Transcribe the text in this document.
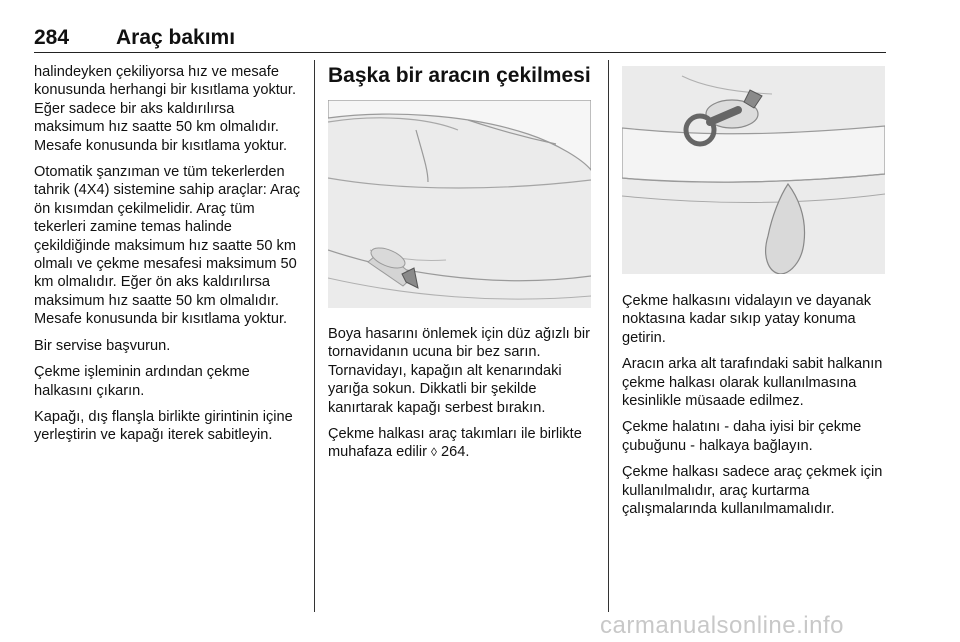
284 Araç bakımı

halindeyken çekiliyorsa hız ve mesafe konusunda herhangi bir kısıtlama yoktur. Eğer sadece bir aks kaldırılırsa maksimum hız saatte 50 km olmalıdır. Mesafe konusunda bir kısıtlama yoktur.

Otomatik şanzıman ve tüm tekerlerden tahrik (4X4) sistemine sahip araçlar: Araç ön kısımdan çekilmelidir. Araç tüm tekerleri zamine temas halinde çekildiğinde maksimum hız saatte 50 km olmalı ve çekme mesafesi maksimum 50 km olmalıdır. Eğer ön aks kaldırılırsa maksimum hız saatte 50 km olmalıdır. Mesafe konusunda bir kısıtlama yoktur.

Bir servise başvurun.

Çekme işleminin ardından çekme halkasını çıkarın.

Kapağı, dış flanşla birlikte girintinin içine yerleştirin ve kapağı iterek sabitleyin.

Başka bir aracın çekilmesi

Boya hasarını önlemek için düz ağızlı bir tornavidanın ucuna bir bez sarın. Tornavidayı, kapağın alt kenarındaki yarığa sokun. Dikkatli bir şekilde kanırtarak kapağı serbest bırakın.

Çekme halkası araç takımları ile birlikte muhafaza edilir ◊ 264.

Çekme halkasını vidalayın ve dayanak noktasına kadar sıkıp yatay konuma getirin.

Aracın arka alt tarafındaki sabit halkanın çekme halkası olarak kullanılmasına kesinlikle müsaade edilmez.

Çekme halatını - daha iyisi bir çekme çubuğunu - halkaya bağlayın.

Çekme halkası sadece araç çekmek için kullanılmalıdır, araç kurtarma çalışmalarında kullanılmamalıdır.

carmanualsonline.info
